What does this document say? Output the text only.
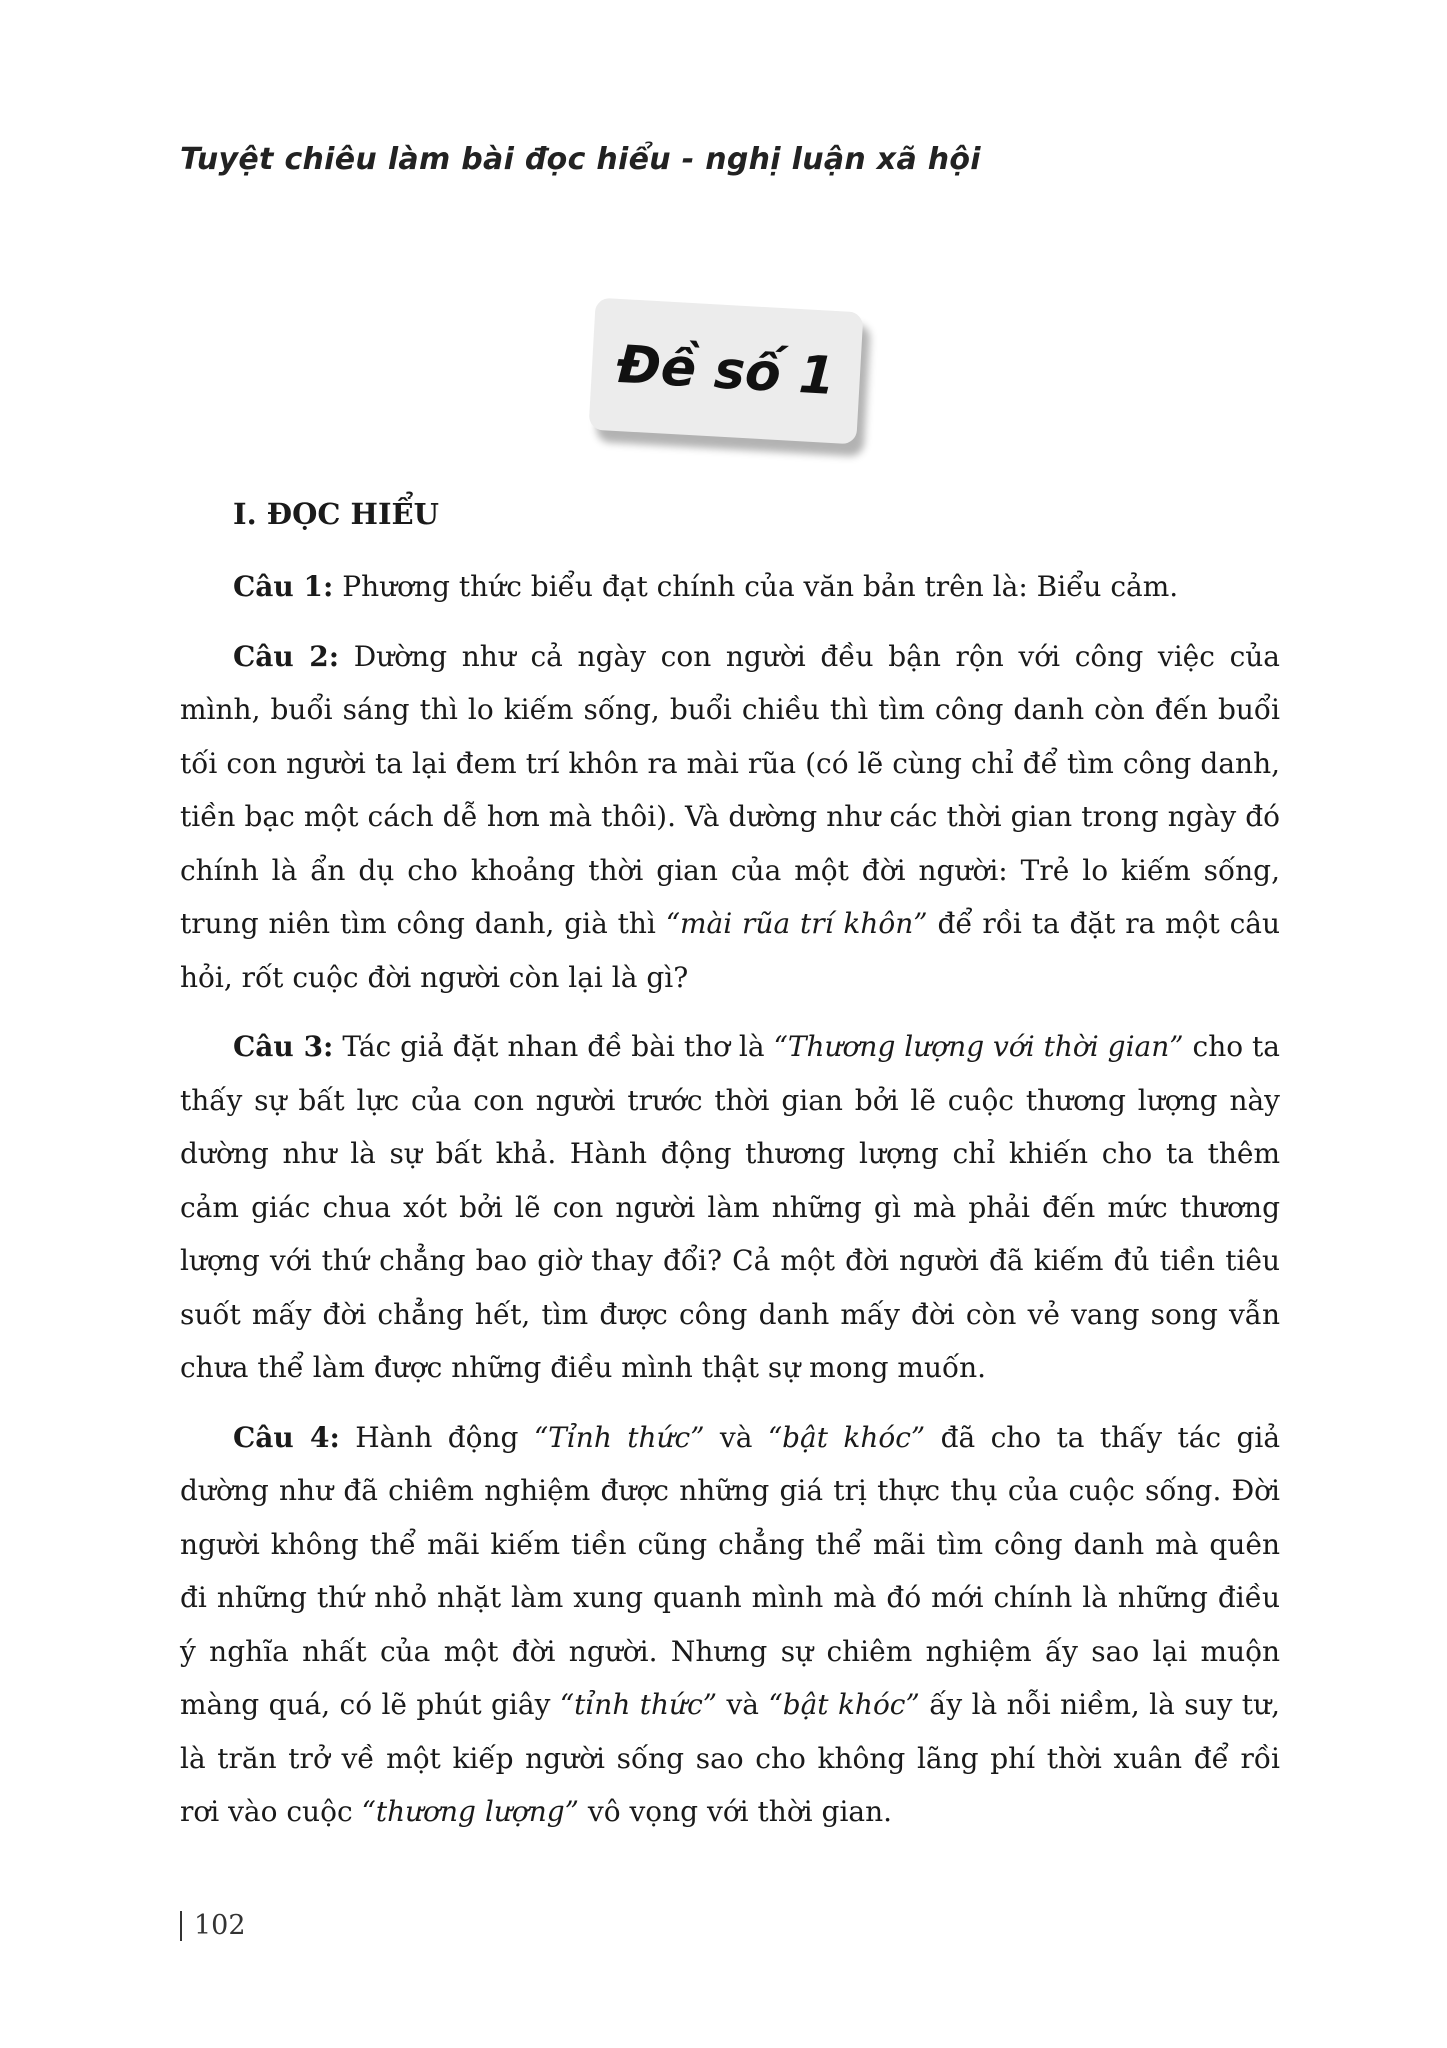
Tuyệt chiêu làm bài đọc hiểu - nghị luận xã hội
Đề số 1
I. ĐỌC HIỂU

Câu 1: Phương thức biểu đạt chính của văn bản trên là: Biểu cảm.

Câu 2: Dường như cả ngày con người đều bận rộn với công việc của mình, buổi sáng thì lo kiếm sống, buổi chiều thì tìm công danh còn đến buổi tối con người ta lại đem trí khôn ra mài rũa (có lẽ cùng chỉ để tìm công danh, tiền bạc một cách dễ hơn mà thôi). Và dường như các thời gian trong ngày đó chính là ẩn dụ cho khoảng thời gian của một đời người: Trẻ lo kiếm sống, trung niên tìm công danh, già thì “mài rũa trí khôn” để rồi ta đặt ra một câu hỏi, rốt cuộc đời người còn lại là gì?

Câu 3: Tác giả đặt nhan đề bài thơ là “Thương lượng với thời gian” cho ta thấy sự bất lực của con người trước thời gian bởi lẽ cuộc thương lượng này dường như là sự bất khả. Hành động thương lượng chỉ khiến cho ta thêm cảm giác chua xót bởi lẽ con người làm những gì mà phải đến mức thương lượng với thứ chẳng bao giờ thay đổi? Cả một đời người đã kiếm đủ tiền tiêu suốt mấy đời chẳng hết, tìm được công danh mấy đời còn vẻ vang song vẫn chưa thể làm được những điều mình thật sự mong muốn.

Câu 4: Hành động “Tỉnh thức” và “bật khóc” đã cho ta thấy tác giả dường như đã chiêm nghiệm được những giá trị thực thụ của cuộc sống. Đời người không thể mãi kiếm tiền cũng chẳng thể mãi tìm công danh mà quên đi những thứ nhỏ nhặt làm xung quanh mình mà đó mới chính là những điều ý nghĩa nhất của một đời người. Nhưng sự chiêm nghiệm ấy sao lại muộn màng quá, có lẽ phút giây “tỉnh thức” và “bật khóc” ấy là nỗi niềm, là suy tư, là trăn trở về một kiếp người sống sao cho không lãng phí thời xuân để rồi rơi vào cuộc “thương lượng” vô vọng với thời gian.

102
